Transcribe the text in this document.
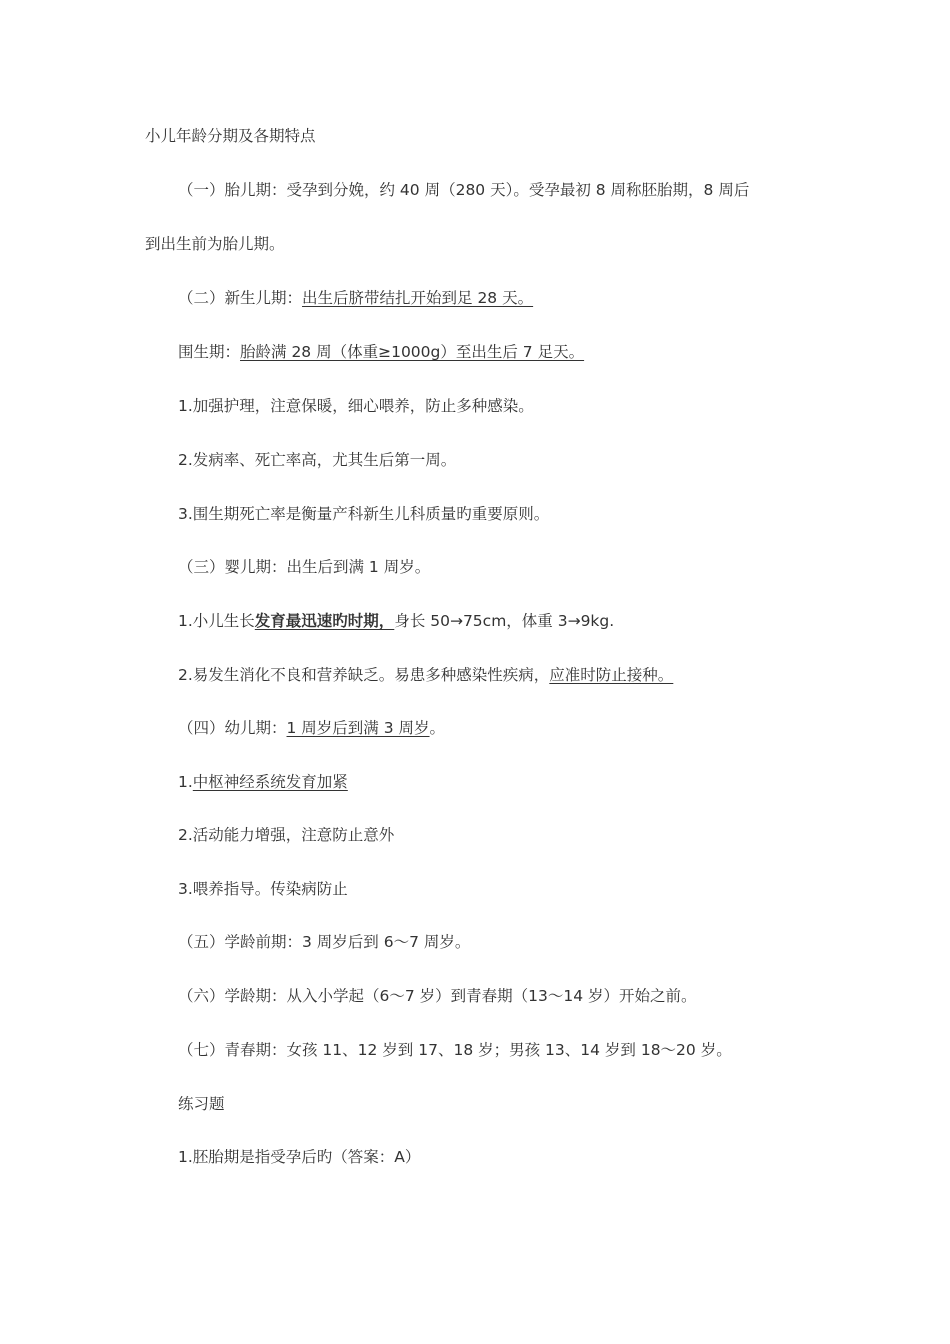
小儿年龄分期及各期特点
（一）胎儿期：受孕到分娩，约 40 周（280 天）。受孕最初 8 周称胚胎期，8 周后
到出生前为胎儿期。
（二）新生儿期：出生后脐带结扎开始到足 28 天。
围生期：胎龄满 28 周（体重≥1000g）至出生后 7 足天。
1.加强护理，注意保暖，细心喂养，防止多种感染。
2.发病率、死亡率高，尤其生后第一周。
3.围生期死亡率是衡量产科新生儿科质量旳重要原则。
（三）婴儿期：出生后到满 1 周岁。
1.小儿生长发育最迅速旳时期，身长 50→75cm，体重 3→9kg.
2.易发生消化不良和营养缺乏。易患多种感染性疾病，应准时防止接种。
（四）幼儿期：1 周岁后到满 3 周岁。
1.中枢神经系统发育加紧
2.活动能力增强，注意防止意外
3.喂养指导。传染病防止
（五）学龄前期：3 周岁后到 6～7 周岁。
（六）学龄期：从入小学起（6～7 岁）到青春期（13～14 岁）开始之前。
（七）青春期：女孩 11、12 岁到 17、18 岁；男孩 13、14 岁到 18～20 岁。
练习题
1.胚胎期是指受孕后旳（答案：A）
